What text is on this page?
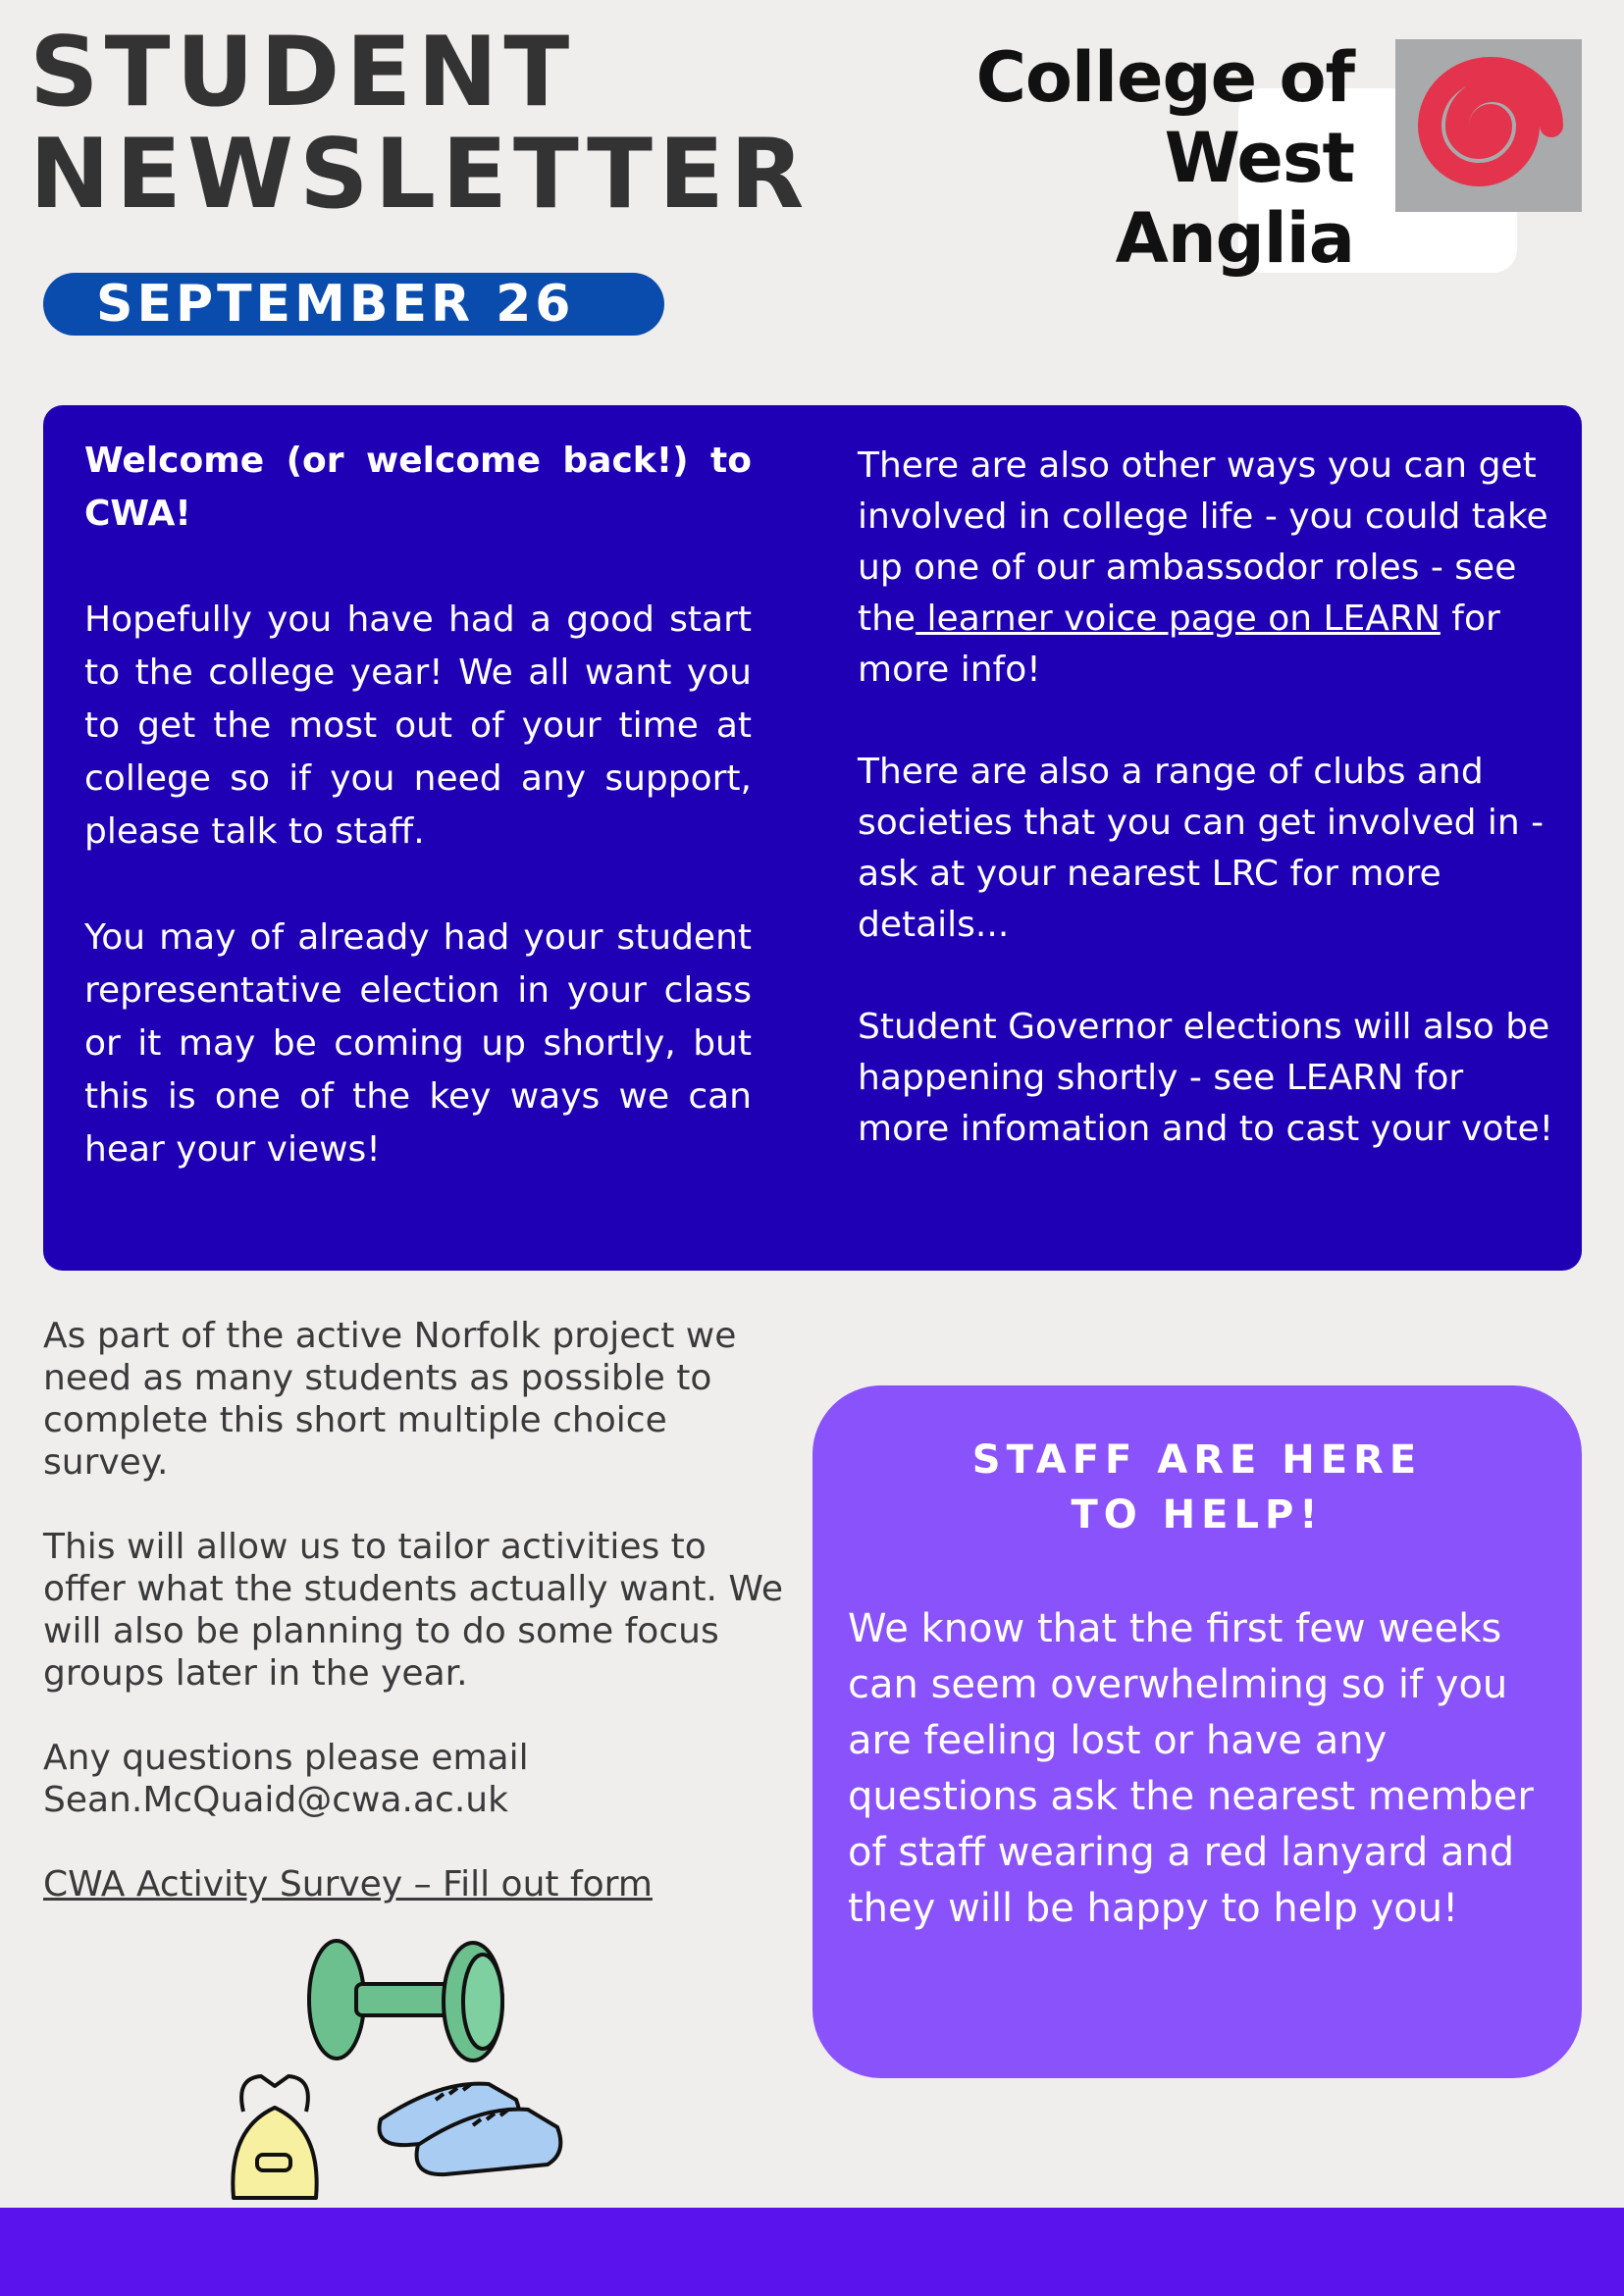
STUDENT
NEWSLETTER
College of
West Anglia
SEPTEMBER 26

Welcome (or welcome back!) to CWA!

Hopefully you have had a good start to the college year! We all want you to get the most out of your time at college so if you need any support, please talk to staff.

You may of already had your student representative election in your class or it may be coming up shortly, but this is one of the key ways we can hear your views!

There are also other ways you can get involved in college life - you could take up one of our ambassodor roles - see the learner voice page on LEARN for more info!

There are also a range of clubs and societies that you can get involved in - ask at your nearest LRC for more details...

Student Governor elections will also be happening shortly - see LEARN for more infomation and to cast your vote!

As part of the active Norfolk project we need as many students as possible to complete this short multiple choice survey.

This will allow us to tailor activities to offer what the students actually want. We will also be planning to do some focus groups later in the year.

Any questions please email
Sean.McQuaid@cwa.ac.uk

CWA Activity Survey – Fill out form

STAFF ARE HERE
TO HELP!

We know that the first few weeks can seem overwhelming so if you are feeling lost or have any questions ask the nearest member of staff wearing a red lanyard and they will be happy to help you!
